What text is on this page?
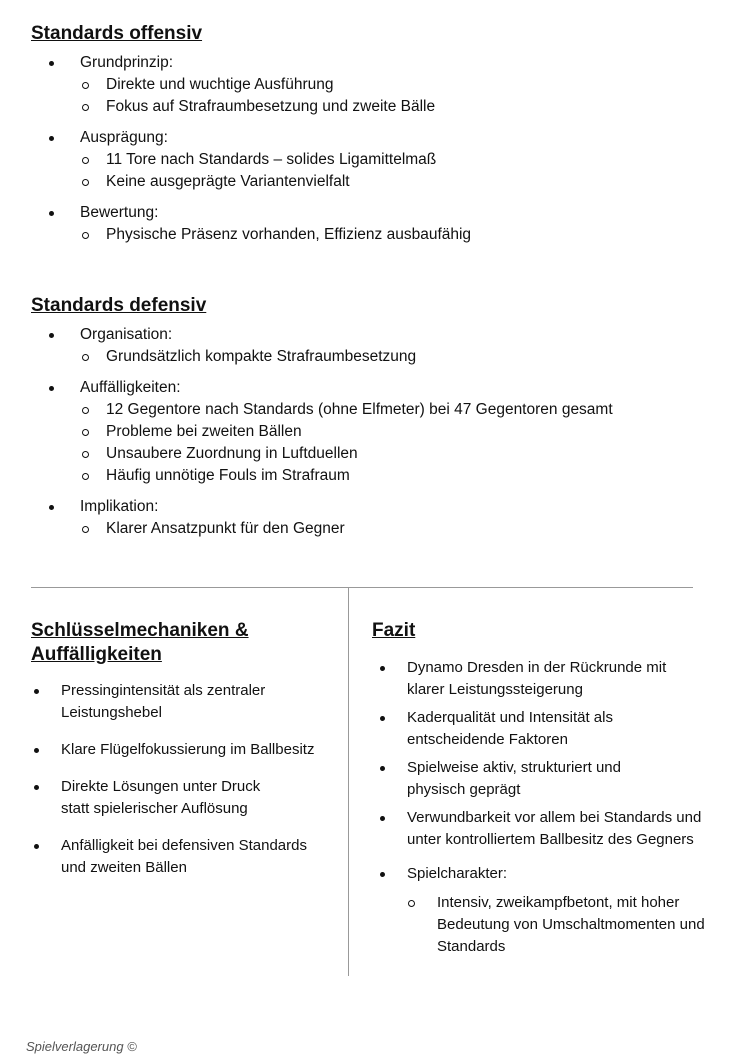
Standards offensiv
Grundprinzip:
Direkte und wuchtige Ausführung
Fokus auf Strafraumbesetzung und zweite Bälle
Ausprägung:
11 Tore nach Standards – solides Ligamittelmaß
Keine ausgeprägte Variantenvielfalt
Bewertung:
Physische Präsenz vorhanden, Effizienz ausbaufähig
Standards defensiv
Organisation:
Grundsätzlich kompakte Strafraumbesetzung
Auffälligkeiten:
12 Gegentore nach Standards (ohne Elfmeter) bei 47 Gegentoren gesamt
Probleme bei zweiten Bällen
Unsaubere Zuordnung in Luftduellen
Häufig unnötige Fouls im Strafraum
Implikation:
Klarer Ansatzpunkt für den Gegner
Schlüsselmechaniken &
Auffälligkeiten
Pressingintensität als zentraler Leistungshebel
Klare Flügelfokussierung im Ballbesitz
Direkte Lösungen unter Druck statt spielerischer Auflösung
Anfälligkeit bei defensiven Standards und zweiten Bällen
Fazit
Dynamo Dresden in der Rückrunde mit klarer Leistungssteigerung
Kaderqualität und Intensität als entscheidende Faktoren
Spielweise aktiv, strukturiert und physisch geprägt
Verwundbarkeit vor allem bei Standards und unter kontrolliertem Ballbesitz des Gegners
Spielcharakter:
Intensiv, zweikampfbetont, mit hoher Bedeutung von Umschaltmomenten und Standards
Spielverlagerung ©
